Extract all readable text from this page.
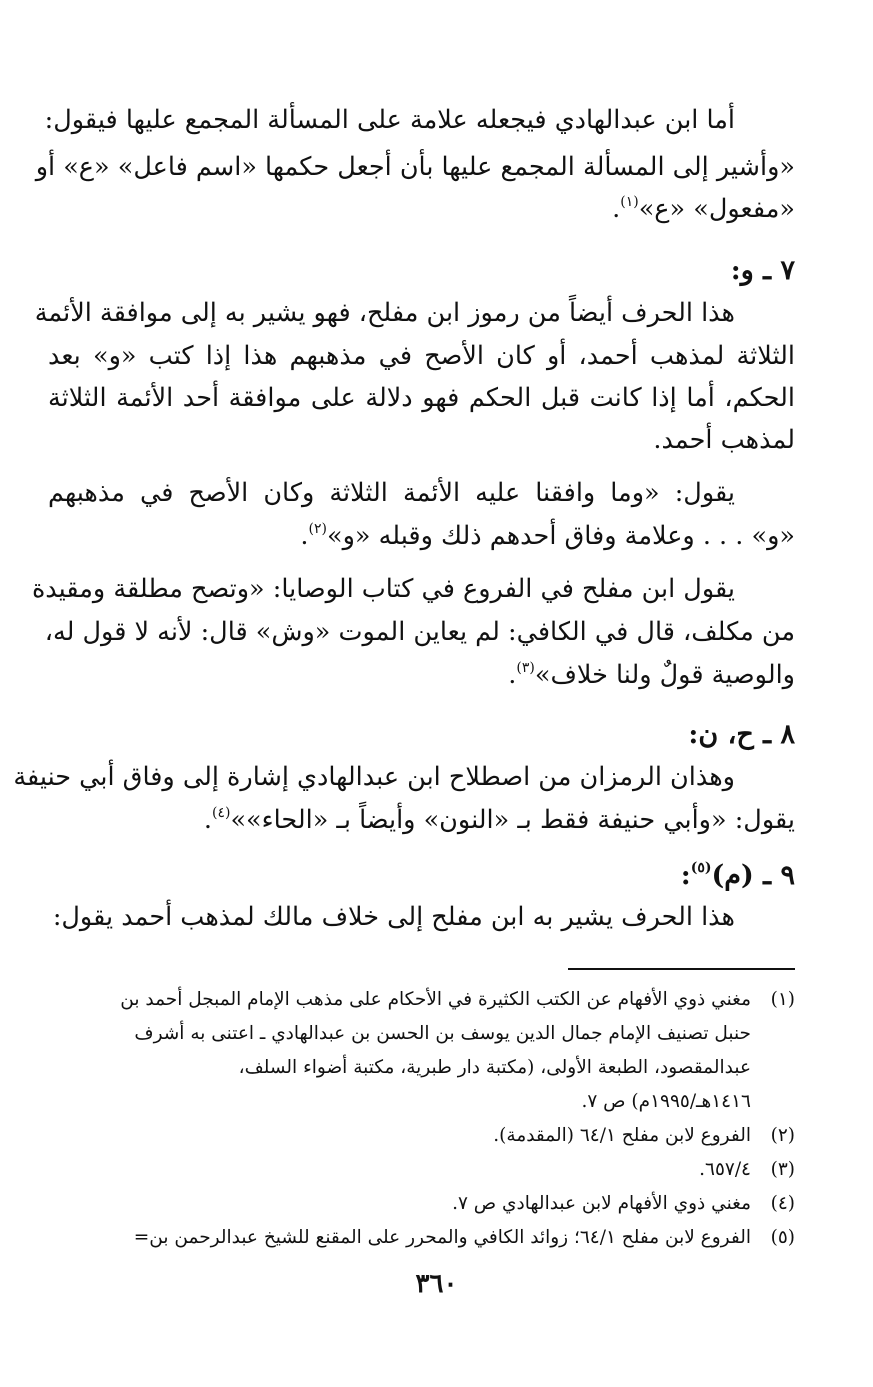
أما ابن عبدالهادي فيجعله علامة على المسألة المجمع عليها فيقول:
«وأشير إلى المسألة المجمع عليها بأن أجعل حكمها «اسم فاعل» «ع» أو
«مفعول» «ع»$^{(١)}$.
٧ ـ و:
هذا الحرف أيضاً من رموز ابن مفلح، فهو يشير به إلى موافقة الأئمة
الثلاثة لمذهب أحمد، أو كان الأصح في مذهبهم هذا إذا كتب «و» بعد
الحكم، أما إذا كانت قبل الحكم فهو دلالة على موافقة أحد الأئمة الثلاثة
لمذهب أحمد.
يقول: «وما وافقنا عليه الأئمة الثلاثة وكان الأصح في مذهبهم
«و» . . . وعلامة وفاق أحدهم ذلك وقبله «و»$^{(٢)}$.
يقول ابن مفلح في الفروع في كتاب الوصايا: «وتصح مطلقة ومقيدة
من مكلف، قال في الكافي: لم يعاين الموت «وش» قال: لأنه لا قول له،
والوصية قولٌ ولنا خلاف»$^{(٣)}$.
٨ ـ ح، ن:
وهذان الرمزان من اصطلاح ابن عبدالهادي إشارة إلى وفاق أبي حنيفة
يقول: «وأبي حنيفة فقط بـ «النون» وأيضاً بـ «الحاء»»$^{(٤)}$.
٩ ـ (م)$^{(٥)}$:
هذا الحرف يشير به ابن مفلح إلى خلاف مالك لمذهب أحمد يقول:
(١)مغني ذوي الأفهام عن الكتب الكثيرة في الأحكام على مذهب الإمام المبجل أحمد بن
حنبل تصنيف الإمام جمال الدين يوسف بن الحسن بن عبدالهادي ـ اعتنى به أشرف
عبدالمقصود، الطبعة الأولى، (مكتبة دار طبرية، مكتبة أضواء السلف،
١٤١٦هـ/١٩٩٥م) ص ٧.
(٢)الفروع لابن مفلح ٦٤/١ (المقدمة).
(٣)٦٥٧/٤.
(٤)مغني ذوي الأفهام لابن عبدالهادي ص ٧.
(٥)الفروع لابن مفلح ٦٤/١؛ زوائد الكافي والمحرر على المقنع للشيخ عبدالرحمن بن=
٣٦٠
